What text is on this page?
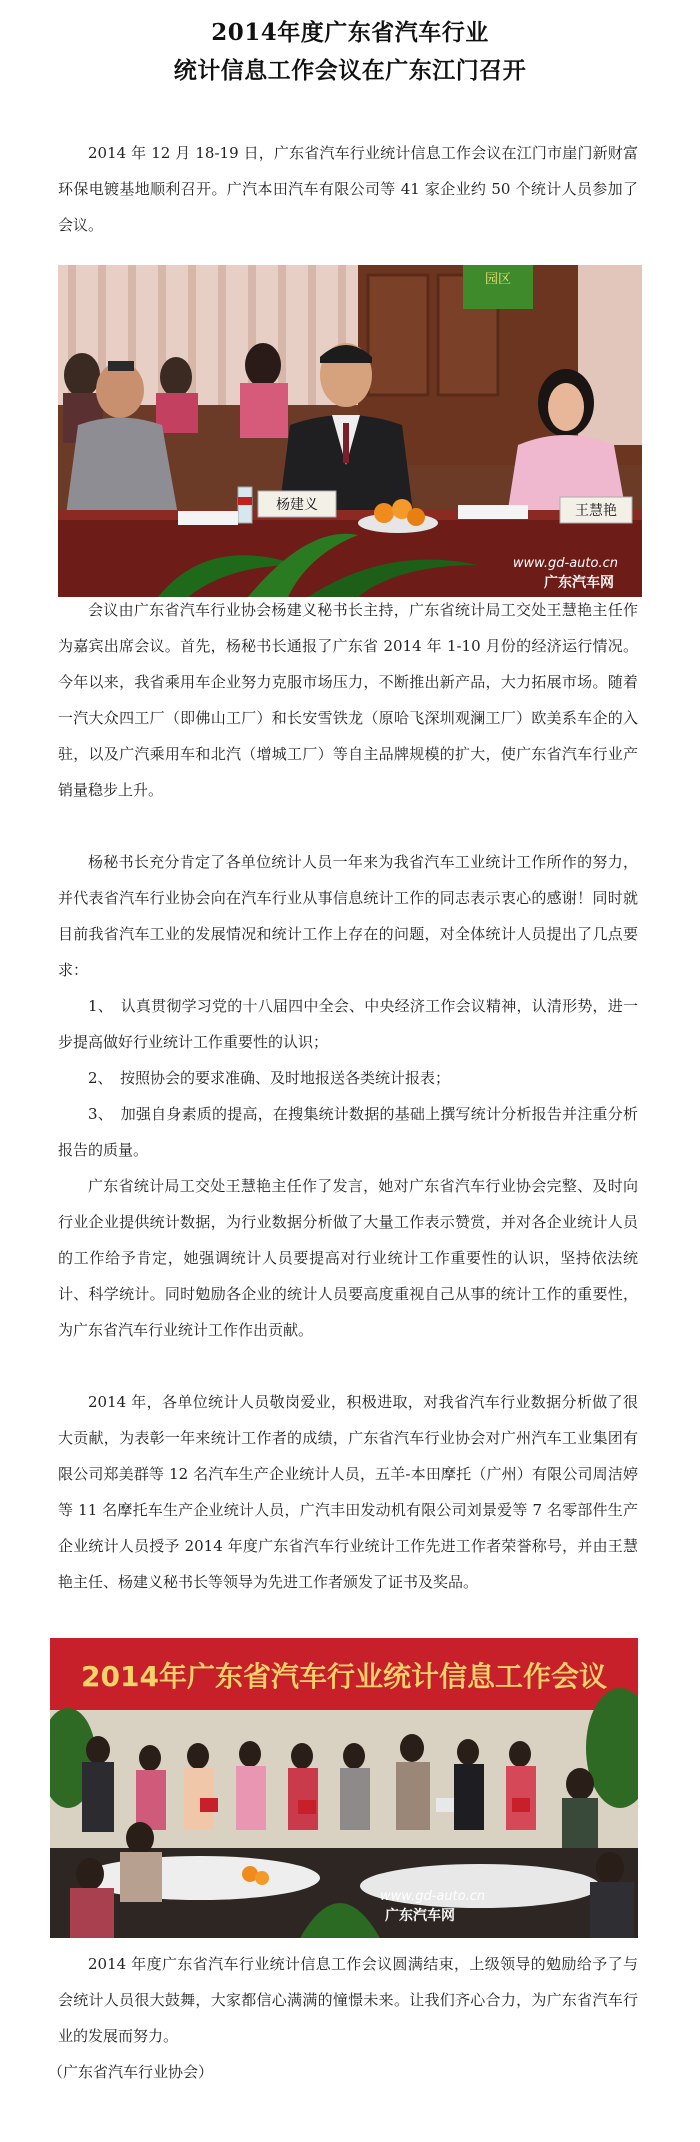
2014年度广东省汽车行业
统计信息工作会议在广东江门召开

2014 年 12 月 18-19 日，广东省汽车行业统计信息工作会议在江门市崖门新财富环保电镀基地顺利召开。广汽本田汽车有限公司等 41 家企业约 50 个统计人员参加了会议。

园区
杨建义	王慧艳
www.gd-auto.cn
广东汽车网

会议由广东省汽车行业协会杨建义秘书长主持，广东省统计局工交处王慧艳主任作为嘉宾出席会议。首先，杨秘书长通报了广东省 2014 年 1-10 月份的经济运行情况。今年以来，我省乘用车企业努力克服市场压力，不断推出新产品，大力拓展市场。随着一汽大众四工厂（即佛山工厂）和长安雪铁龙（原哈飞深圳观澜工厂）欧美系车企的入驻，以及广汽乘用车和北汽（增城工厂）等自主品牌规模的扩大，使广东省汽车行业产销量稳步上升。

杨秘书长充分肯定了各单位统计人员一年来为我省汽车工业统计工作所作的努力，并代表省汽车行业协会向在汽车行业从事信息统计工作的同志表示衷心的感谢！同时就目前我省汽车工业的发展情况和统计工作上存在的问题，对全体统计人员提出了几点要求：

1、　认真贯彻学习党的十八届四中全会、中央经济工作会议精神，认清形势，进一步提高做好行业统计工作重要性的认识；

2、　按照协会的要求准确、及时地报送各类统计报表；

3、　加强自身素质的提高，在搜集统计数据的基础上撰写统计分析报告并注重分析报告的质量。

广东省统计局工交处王慧艳主任作了发言，她对广东省汽车行业协会完整、及时向行业企业提供统计数据，为行业数据分析做了大量工作表示赞赏，并对各企业统计人员的工作给予肯定，她强调统计人员要提高对行业统计工作重要性的认识，坚持依法统计、科学统计。同时勉励各企业的统计人员要高度重视自己从事的统计工作的重要性，为广东省汽车行业统计工作作出贡献。

2014 年，各单位统计人员敬岗爱业，积极进取，对我省汽车行业数据分析做了很大贡献，为表彰一年来统计工作者的成绩，广东省汽车行业协会对广州汽车工业集团有限公司郑美群等 12 名汽车生产企业统计人员，五羊-本田摩托（广州）有限公司周洁婷等 11 名摩托车生产企业统计人员，广汽丰田发动机有限公司刘景爱等 7 名零部件生产企业统计人员授予 2014 年度广东省汽车行业统计工作先进工作者荣誉称号，并由王慧艳主任、杨建义秘书长等领导为先进工作者颁发了证书及奖品。

2014年广东省汽车行业统计信息工作会议
www.gd-auto.cn
广东汽车网

2014 年度广东省汽车行业统计信息工作会议圆满结束，上级领导的勉励给予了与会统计人员很大鼓舞，大家都信心满满的憧憬未来。让我们齐心合力，为广东省汽车行业的发展而努力。

（广东省汽车行业协会）
